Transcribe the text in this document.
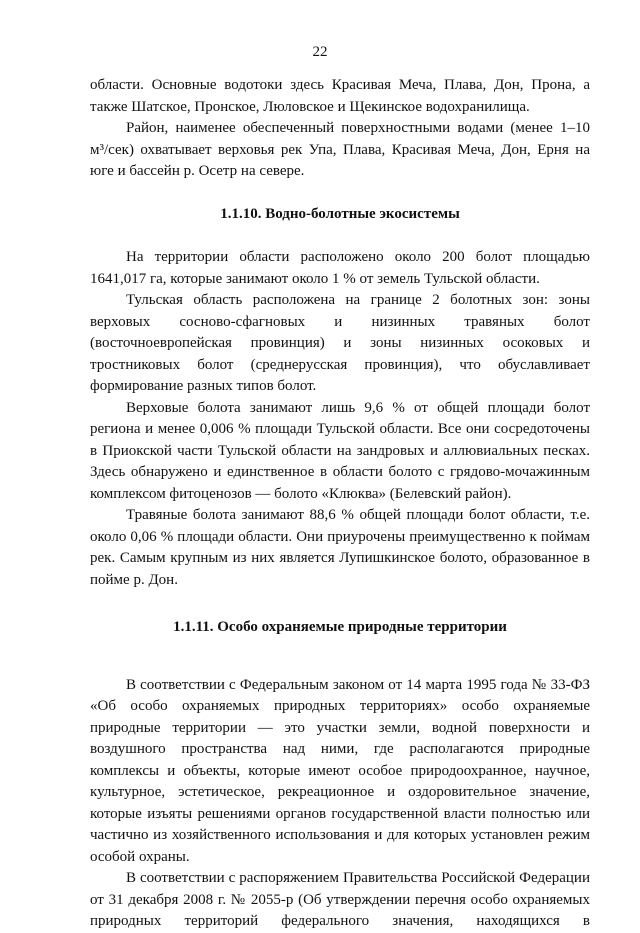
22

области. Основные водотоки здесь Красивая Меча, Плава, Дон, Прона, а также Шатское, Пронское, Люловское и Щекинское водохранилища.

Район, наименее обеспеченный поверхностными водами (менее 1–10 м³/сек) охватывает верховья рек Упа, Плава, Красивая Меча, Дон, Ерня на юге и бассейн р. Осетр на севере.

1.1.10. Водно-болотные экосистемы

На территории области расположено около 200 болот площадью 1641,017 га, которые занимают около 1 % от земель Тульской области.

Тульская область расположена на границе 2 болотных зон: зоны верховых сосново-сфагновых и низинных травяных болот (восточноевропейская провинция) и зоны низинных осоковых и тростниковых болот (среднерусская провинция), что обуславливает формирование разных типов болот.

Верховые болота занимают лишь 9,6 % от общей площади болот региона и менее 0,006 % площади Тульской области. Все они сосредоточены в Приокской части Тульской области на зандровых и аллювиальных песках. Здесь обнаружено и единственное в области болото с грядово-мочажинным комплексом фитоценозов — болото «Клюква» (Белевский район).

Травяные болота занимают 88,6 % общей площади болот области, т.е. около 0,06 % площади области. Они приурочены преимущественно к поймам рек. Самым крупным из них является Лупишкинское болото, образованное в пойме р. Дон.

1.1.11. Особо охраняемые природные территории

В соответствии с Федеральным законом от 14 марта 1995 года № 33-ФЗ «Об особо охраняемых природных территориях» особо охраняемые природные территории — это участки земли, водной поверхности и воздушного пространства над ними, где располагаются природные комплексы и объекты, которые имеют особое природоохранное, научное, культурное, эстетическое, рекреационное и оздоровительное значение, которые изъяты решениями органов государственной власти полностью или частично из хозяйственного использования и для которых установлен режим особой охраны.

В соответствии с распоряжением Правительства Российской Федерации от 31 декабря 2008 г. № 2055-р (Об утверждении перечня особо охраняемых природных территорий федерального значения, находящихся в
